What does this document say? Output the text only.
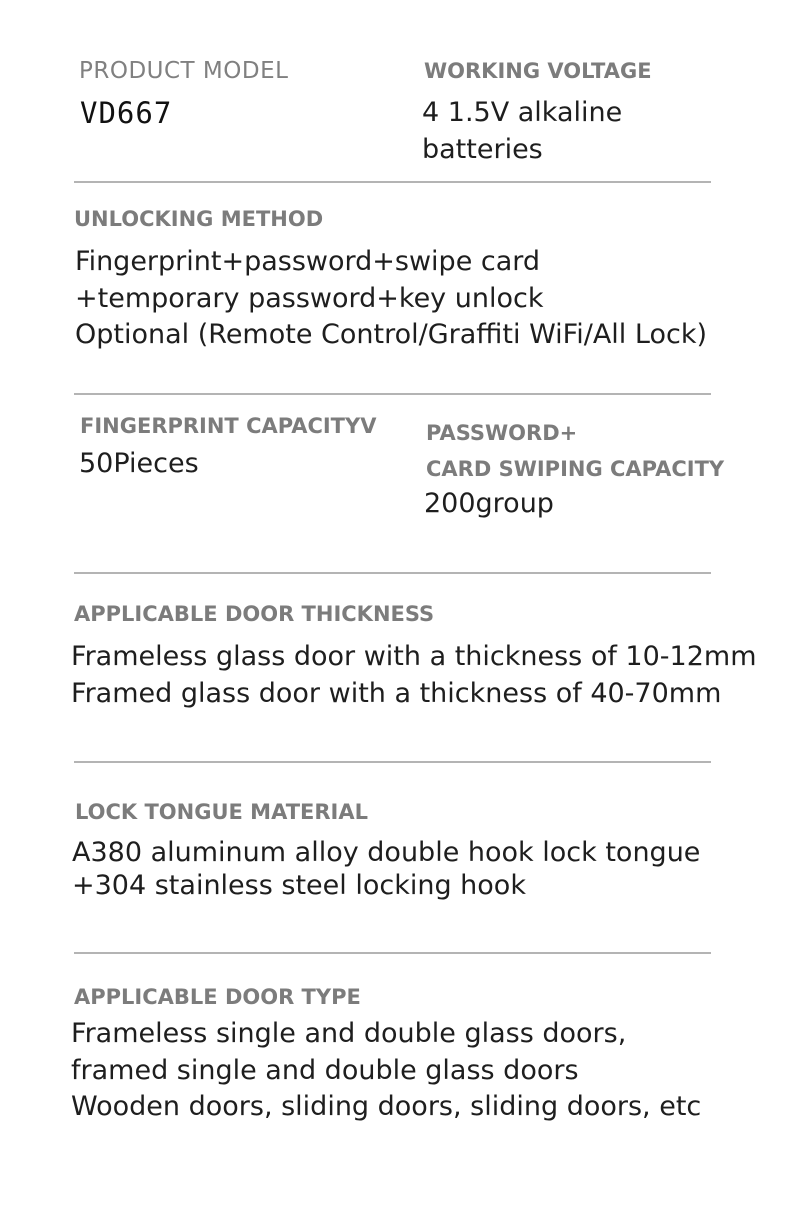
PRODUCT MODEL
VD667
WORKING VOLTAGE
4 1.5V alkaline
batteries
UNLOCKING METHOD
Fingerprint+password+swipe card
+temporary password+key unlock
Optional (Remote Control/Graffiti WiFi/All Lock)
FINGERPRINT CAPACITYV
50Pieces
PASSWORD+
CARD SWIPING CAPACITY
200group
APPLICABLE DOOR THICKNESS
Frameless glass door with a thickness of 10-12mm
Framed glass door with a thickness of 40-70mm
LOCK TONGUE MATERIAL
A380 aluminum alloy double hook lock tongue
+304 stainless steel locking hook
APPLICABLE DOOR TYPE
Frameless single and double glass doors,
framed single and double glass doors
Wooden doors, sliding doors, sliding doors, etc
